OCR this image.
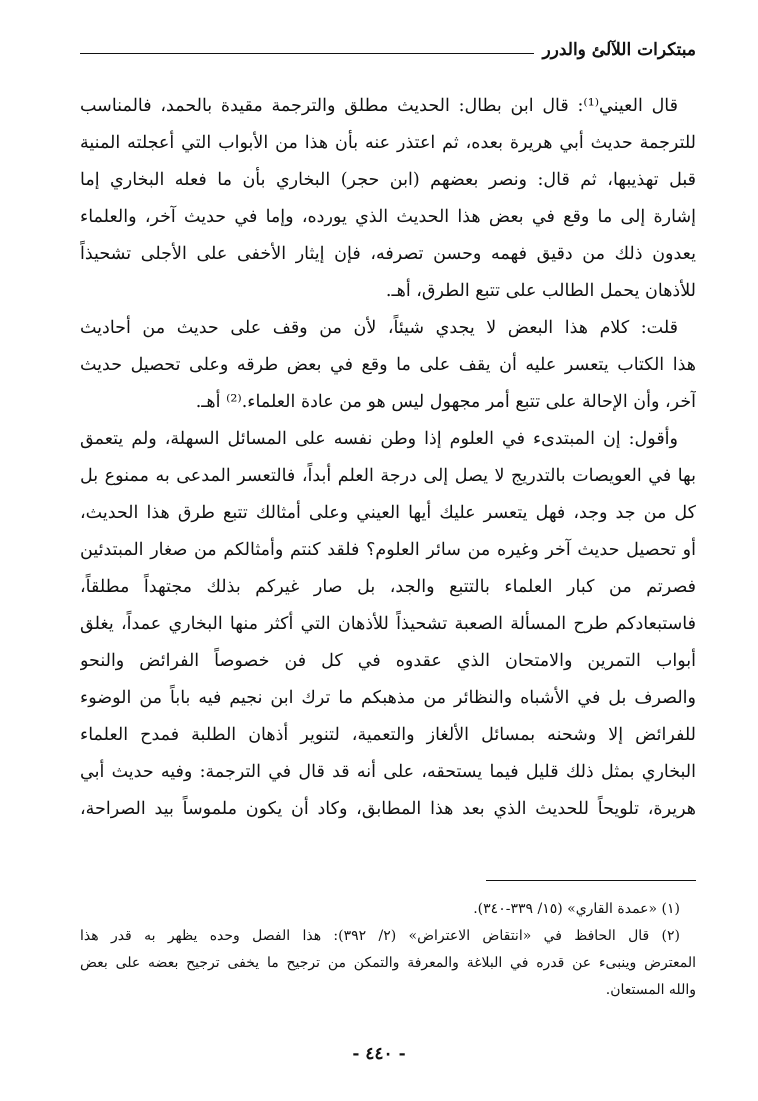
مبتكرات اللآلئ والدرر
قال العيني⁽¹⁾: قال ابن بطال: الحديث مطلق والترجمة مقيدة بالحمد، فالمناسب
للترجمة حديث أبي هريرة بعده، ثم اعتذر عنه بأن هذا من الأبواب التي أعجلته المنية
قبل تهذيبها، ثم قال: ونصر بعضهم (ابن حجر) البخاري بأن ما فعله البخاري إما
إشارة إلى ما وقع في بعض هذا الحديث الذي يورده، وإما في حديث آخر، والعلماء
يعدون ذلك من دقيق فهمه وحسن تصرفه، فإن إيثار الأخفى على الأجلى تشحيذاً
للأذهان يحمل الطالب على تتبع الطرق، أهـ.
قلت: كلام هذا البعض لا يجدي شيئاً، لأن من وقف على حديث من أحاديث
هذا الكتاب يتعسر عليه أن يقف على ما وقع في بعض طرقه وعلى تحصيل حديث
آخر، وأن الإحالة على تتبع أمر مجهول ليس هو من عادة العلماء.⁽²⁾ أهـ.
وأقول: إن المبتدىء في العلوم إذا وطن نفسه على المسائل السهلة، ولم يتعمق
بها في العويصات بالتدريج لا يصل إلى درجة العلم أبداً، فالتعسر المدعى به ممنوع بل
كل من جد وجد، فهل يتعسر عليك أيها العيني وعلى أمثالك تتبع طرق هذا الحديث،
أو تحصيل حديث آخر وغيره من سائر العلوم؟ فلقد كنتم وأمثالكم من صغار المبتدئين
فصرتم من كبار العلماء بالتتبع والجد، بل صار غيركم بذلك مجتهداً مطلقاً،
فاستبعادكم طرح المسألة الصعبة تشحيذاً للأذهان التي أكثر منها البخاري عمداً، يغلق
أبواب التمرين والامتحان الذي عقدوه في كل فن خصوصاً الفرائض والنحو
والصرف بل في الأشباه والنظائر من مذهبكم ما ترك ابن نجيم فيه باباً من الوضوء
للفرائض إلا وشحنه بمسائل الألغاز والتعمية، لتنوير أذهان الطلبة فمدح العلماء
البخاري بمثل ذلك قليل فيما يستحقه، على أنه قد قال في الترجمة: وفيه حديث أبي
هريرة، تلويحاً للحديث الذي بعد هذا المطابق، وكاد أن يكون ملموساً بيد الصراحة،
(١) «عمدة القاري» (١٥/ ٣٣٩-٣٤٠).
(٢) قال الحافظ في «انتقاض الاعتراض» (٢/ ٣٩٢): هذا الفصل وحده يظهر به قدر هذا
المعترض وينبىء عن قدره في البلاغة والمعرفة والتمكن من ترجيح ما يخفى ترجيح بعضه على بعض
والله المستعان.
- ٤٤٠ -
